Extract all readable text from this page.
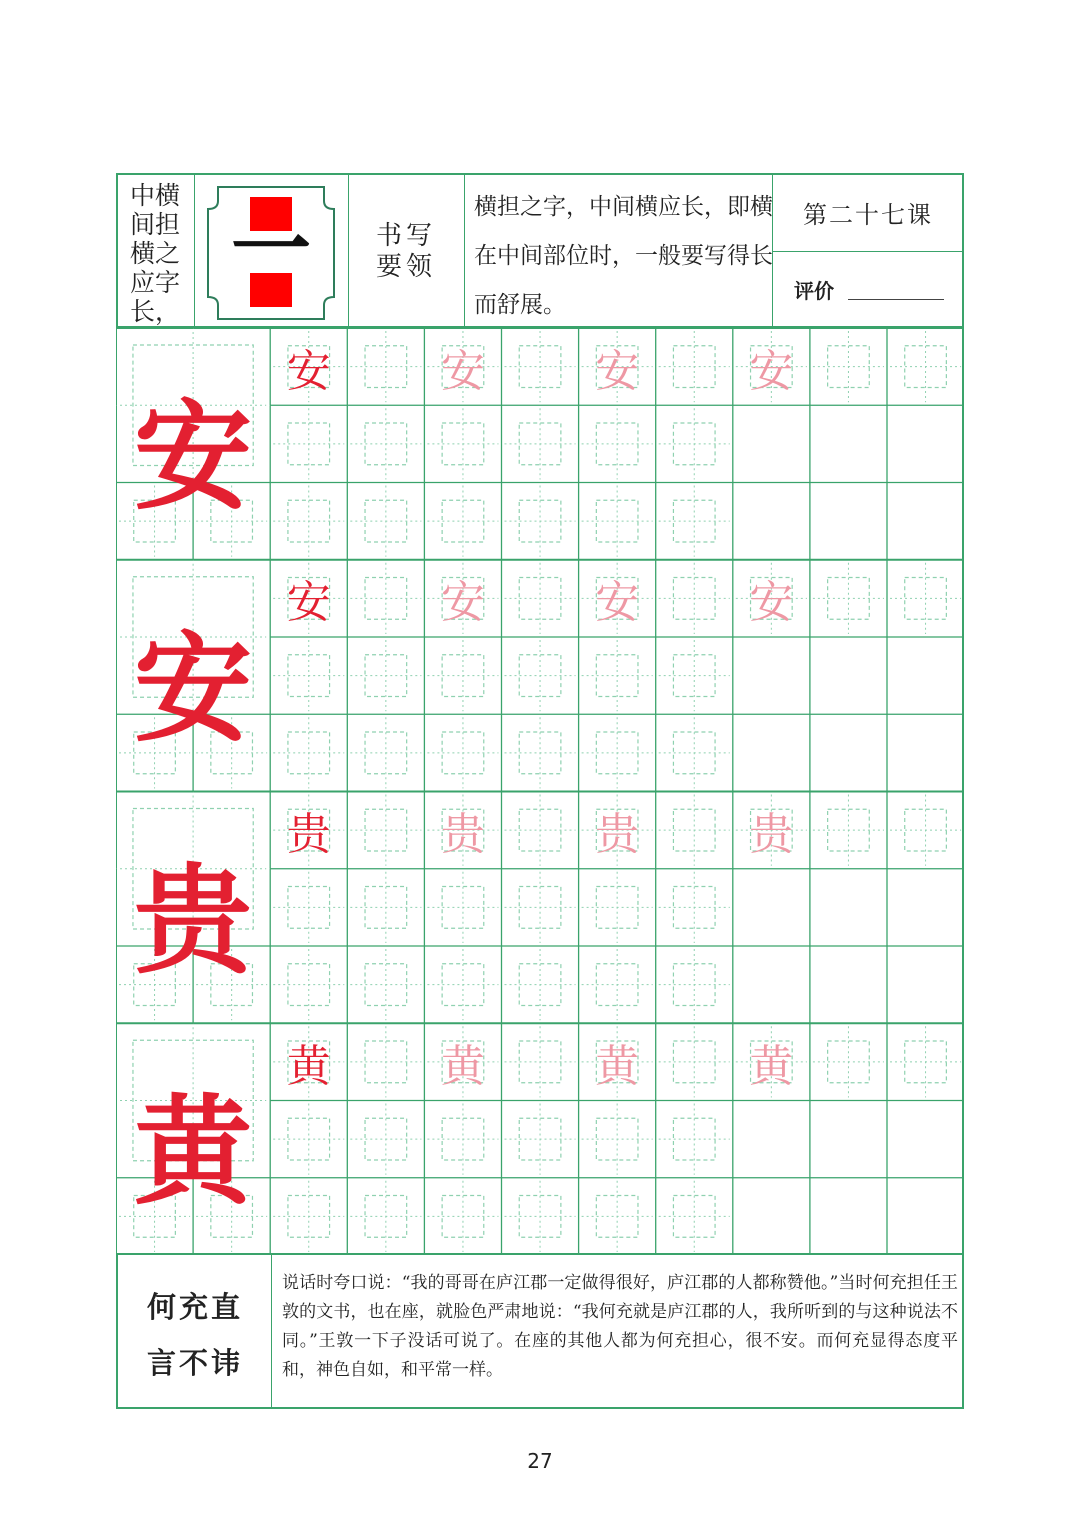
中横
间担
横之
应字
长，
一	书写要领
横担之字，中间横应长，即横在中间部位时，一般要写得长而舒展。
第二十七课
评价
安
安	安	安	安
安
安	安	安	安
贵
贵	贵	贵	贵
黄
黄	黄	黄	黄
何充直
言不讳
说话时夸口说：“我的哥哥在庐江郡一定做得很好，庐江郡的人都称赞他。”当时何充担任王敦的文书，也在座，就脸色严肃地说：“我何充就是庐江郡的人，我所听到的与这种说法不同。”王敦一下子没话可说了。在座的其他人都为何充担心，很不安。而何充显得态度平和，神色自如，和平常一样。
27
